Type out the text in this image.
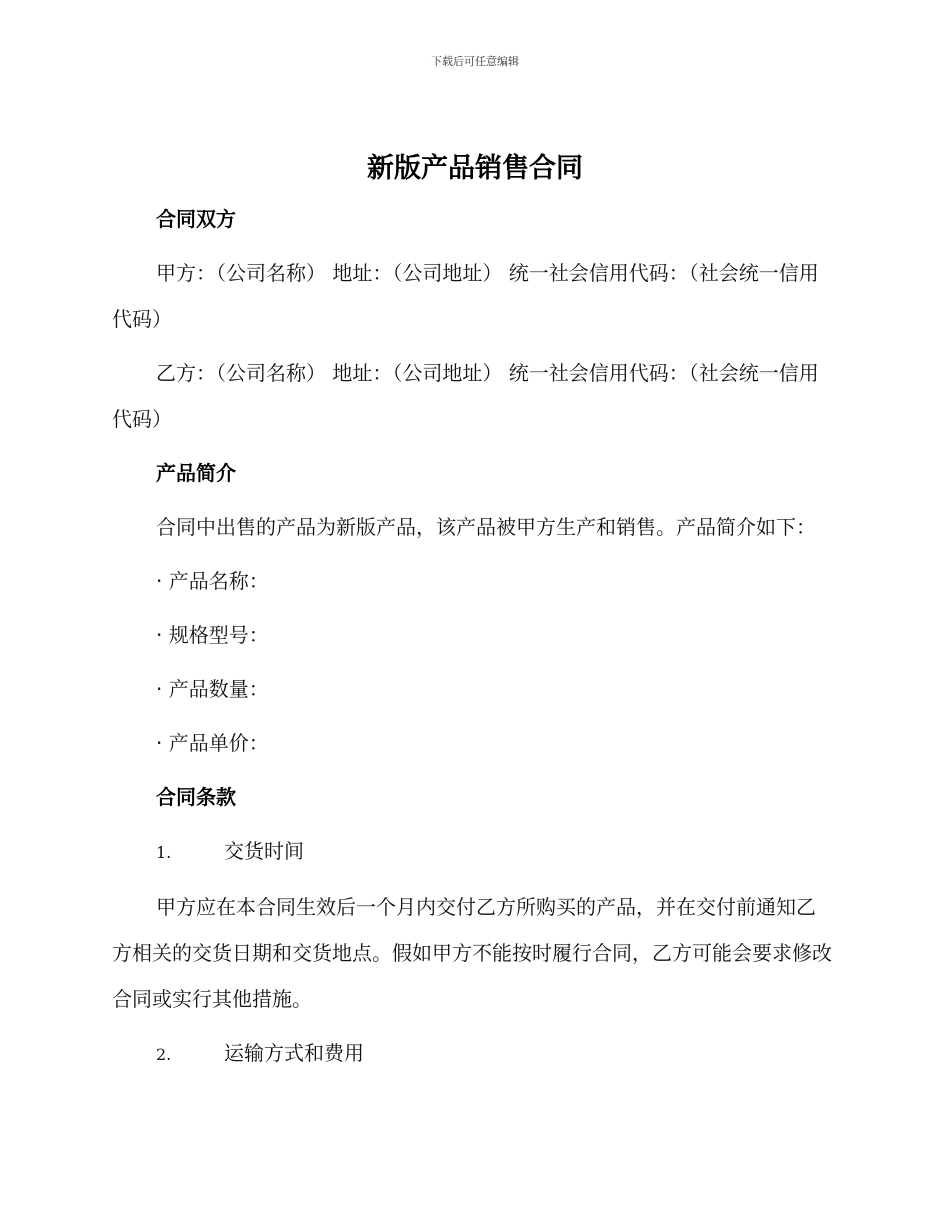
下载后可任意编辑
新版产品销售合同

合同双方

甲方：（公司名称） 地址：（公司地址） 统一社会信用代码：（社会统一信用代码）

乙方：（公司名称） 地址：（公司地址） 统一社会信用代码：（社会统一信用代码）

产品简介

合同中出售的产品为新版产品，该产品被甲方生产和销售。产品简介如下：

· 产品名称：

· 规格型号：

· 产品数量：

· 产品单价：

合同条款

1.	交货时间

甲方应在本合同生效后一个月内交付乙方所购买的产品，并在交付前通知乙方相关的交货日期和交货地点。假如甲方不能按时履行合同，乙方可能会要求修改合同或实行其他措施。

2.	运输方式和费用
